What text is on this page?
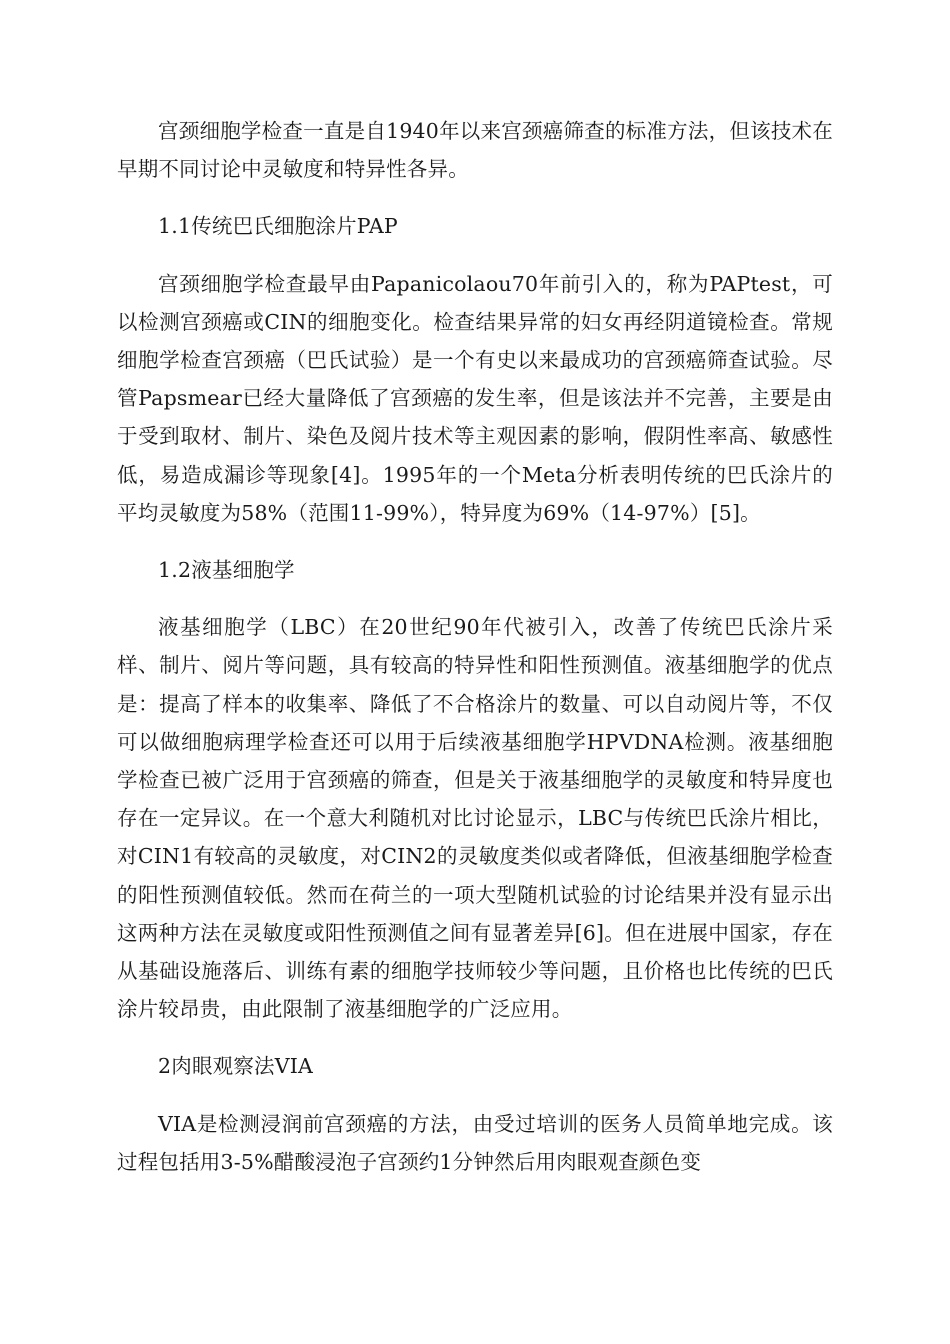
宫颈细胞学检查一直是自1940年以来宫颈癌筛查的标准方法，但该技术在早期不同讨论中灵敏度和特异性各异。

1.1传统巴氏细胞涂片PAP

宫颈细胞学检查最早由Papanicolaou70年前引入的，称为PAPtest，可以检测宫颈癌或CIN的细胞变化。检查结果异常的妇女再经阴道镜检查。常规细胞学检查宫颈癌（巴氏试验）是一个有史以来最成功的宫颈癌筛查试验。尽管Papsmear已经大量降低了宫颈癌的发生率，但是该法并不完善，主要是由于受到取材、制片、染色及阅片技术等主观因素的影响，假阴性率高、敏感性低，易造成漏诊等现象[4]。1995年的一个Meta分析表明传统的巴氏涂片的平均灵敏度为58%（范围11-99%），特异度为69%（14-97%）[5]。

1.2液基细胞学

液基细胞学（LBC）在20世纪90年代被引入，改善了传统巴氏涂片采样、制片、阅片等问题，具有较高的特异性和阳性预测值。液基细胞学的优点是：提高了样本的收集率、降低了不合格涂片的数量、可以自动阅片等，不仅可以做细胞病理学检查还可以用于后续液基细胞学HPVDNA检测。液基细胞学检查已被广泛用于宫颈癌的筛查，但是关于液基细胞学的灵敏度和特异度也存在一定异议。在一个意大利随机对比讨论显示，LBC与传统巴氏涂片相比，对CIN1有较高的灵敏度，对CIN2的灵敏度类似或者降低，但液基细胞学检查的阳性预测值较低。然而在荷兰的一项大型随机试验的讨论结果并没有显示出这两种方法在灵敏度或阳性预测值之间有显著差异[6]。但在进展中国家，存在从基础设施落后、训练有素的细胞学技师较少等问题，且价格也比传统的巴氏涂片较昂贵，由此限制了液基细胞学的广泛应用。

2肉眼观察法VIA

VIA是检测浸润前宫颈癌的方法，由受过培训的医务人员简单地完成。该过程包括用3-5%醋酸浸泡子宫颈约1分钟然后用肉眼观查颜色变
